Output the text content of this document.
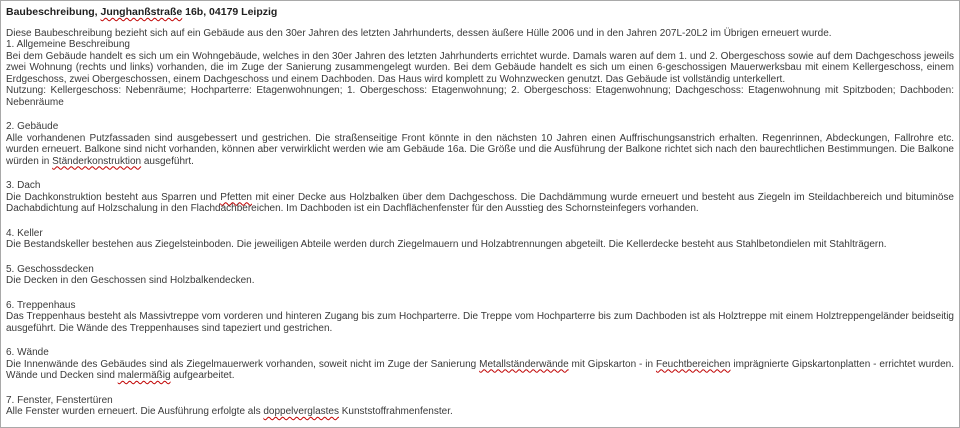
Baubeschreibung, Junghanßstraße 16b, 04179 Leipzig

Diese Baubeschreibung bezieht sich auf ein Gebäude aus den 30er Jahren des letzten Jahrhunderts, dessen äußere Hülle 2006 und in den Jahren 207L-20L2 im Übrigen erneuert wurde.

1. Allgemeine Beschreibung

Bei dem Gebäude handelt es sich um ein Wohngebäude, welches in den 30er Jahren des letzten Jahrhunderts errichtet wurde. Damals waren auf dem 1. und 2. Obergeschoss sowie auf dem Dachgeschoss jeweils zwei Wohnung (rechts und links) vorhanden, die im Zuge der Sanierung zusammengelegt wurden. Bei dem Gebäude handelt es sich um einen 6-geschossigen Mauerwerksbau mit einem Kellergeschoss, einem Erdgeschoss, zwei Obergeschossen, einem Dachgeschoss und einem Dachboden. Das Haus wird komplett zu Wohnzwecken genutzt. Das Gebäude ist vollständig unterkellert.

Nutzung: Kellergeschoss: Nebenräume; Hochparterre: Etagenwohnungen; 1. Obergeschoss: Etagenwohnung; 2. Obergeschoss: Etagenwohnung; Dachgeschoss: Etagenwohnung mit Spitzboden; Dachboden: Nebenräume

2. Gebäude

Alle vorhandenen Putzfassaden sind ausgebessert und gestrichen. Die straßenseitige Front könnte in den nächsten 10 Jahren einen Auffrischungsanstrich erhalten. Regenrinnen, Abdeckungen, Fallrohre etc. wurden erneuert. Balkone sind nicht vorhanden, können aber verwirklicht werden wie am Gebäude 16a. Die Größe und die Ausführung der Balkone richtet sich nach den baurechtlichen Bestimmungen. Die Balkone würden in Ständerkonstruktion ausgeführt.

3. Dach

Die Dachkonstruktion besteht aus Sparren und Pfetten mit einer Decke aus Holzbalken über dem Dachgeschoss. Die Dachdämmung wurde erneuert und besteht aus Ziegeln im Steildachbereich und bituminöse Dachabdichtung auf Holzschalung in den Flachdachbereichen. Im Dachboden ist ein Dachflächenfenster für den Ausstieg des Schornsteinfegers vorhanden.

4. Keller

Die Bestandskeller bestehen aus Ziegelsteinboden. Die jeweiligen Abteile werden durch Ziegelmauern und Holzabtrennungen abgeteilt. Die Kellerdecke besteht aus Stahlbetondielen mit Stahlträgern.

5. Geschossdecken

Die Decken in den Geschossen sind Holzbalkendecken.

6. Treppenhaus

Das Treppenhaus besteht als Massivtreppe vom vorderen und hinteren Zugang bis zum Hochparterre. Die Treppe vom Hochparterre bis zum Dachboden ist als Holztreppe mit einem Holztreppengeländer beidseitig ausgeführt. Die Wände des Treppenhauses sind tapeziert und gestrichen.

6. Wände

Die Innenwände des Gebäudes sind als Ziegelmauerwerk vorhanden, soweit nicht im Zuge der Sanierung Metallständerwände mit Gipskarton - in Feuchtbereichen imprägnierte Gipskartonplatten - errichtet wurden. Wände und Decken sind malermäßig aufgearbeitet.

7. Fenster, Fenstertüren

Alle Fenster wurden erneuert. Die Ausführung erfolgte als doppelverglastes Kunststoffrahmenfenster.
